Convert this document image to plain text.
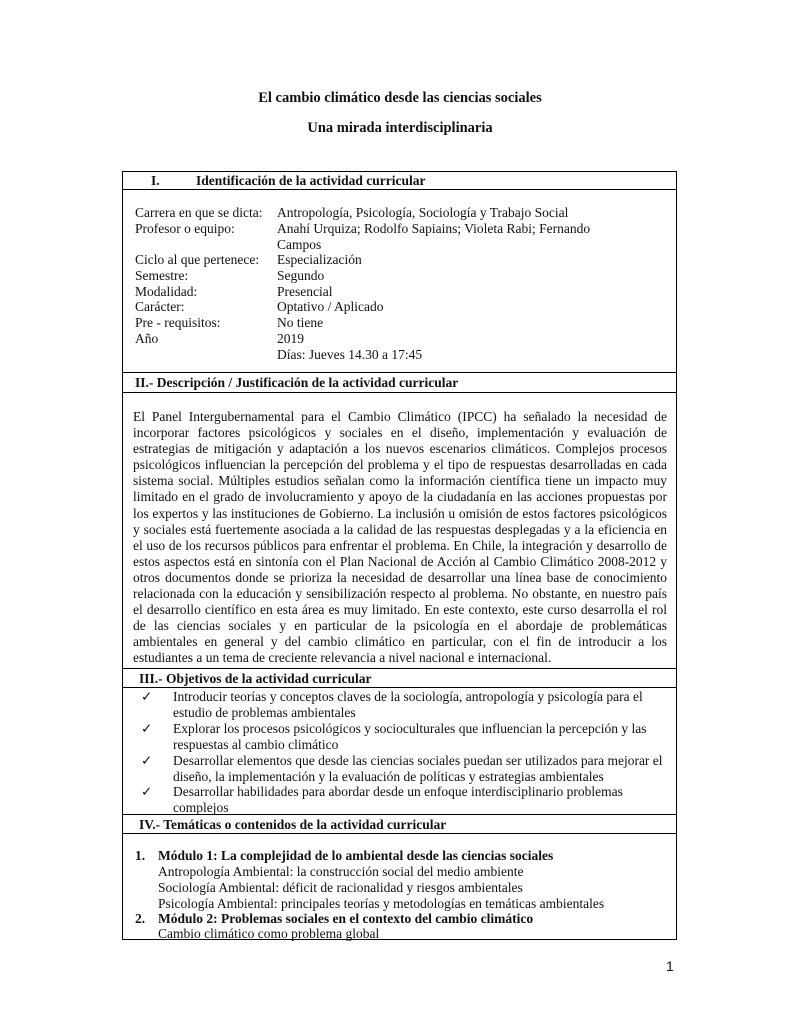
El cambio climático desde las ciencias sociales
Una mirada interdisciplinaria
I.	Identificación de la actividad curricular
Carrera en que se dicta: Antropología, Psicología, Sociología y Trabajo Social
Profesor o equipo:	Anahí Urquiza; Rodolfo Sapiains; Violeta Rabi; Fernando Campos
Ciclo al que pertenece: Especialización
Semestre:	Segundo
Modalidad:	Presencial
Carácter:	Optativo / Aplicado
Pre - requisitos:	No tiene
Año	2019
Días: Jueves 14.30 a 17:45
II.- Descripción / Justificación de la actividad curricular
El Panel Intergubernamental para el Cambio Climático (IPCC) ha señalado la necesidad de incorporar factores psicológicos y sociales en el diseño, implementación y evaluación de estrategias de mitigación y adaptación a los nuevos escenarios climáticos. Complejos procesos psicológicos influencian la percepción del problema y el tipo de respuestas desarrolladas en cada sistema social. Múltiples estudios señalan como la información científica tiene un impacto muy limitado en el grado de involucramiento y apoyo de la ciudadanía en las acciones propuestas por los expertos y las instituciones de Gobierno. La inclusión u omisión de estos factores psicológicos y sociales está fuertemente asociada a la calidad de las respuestas desplegadas y a la eficiencia en el uso de los recursos públicos para enfrentar el problema. En Chile, la integración y desarrollo de estos aspectos está en sintonía con el Plan Nacional de Acción al Cambio Climático 2008-2012 y otros documentos donde se prioriza la necesidad de desarrollar una línea base de conocimiento relacionada con la educación y sensibilización respecto al problema. No obstante, en nuestro país el desarrollo científico en esta área es muy limitado. En este contexto, este curso desarrolla el rol de las ciencias sociales y en particular de la psicología en el abordaje de problemáticas ambientales en general y del cambio climático en particular, con el fin de introducir a los estudiantes a un tema de creciente relevancia a nivel nacional e internacional.
III.- Objetivos de la actividad curricular
✓ Introducir teorías y conceptos claves de la sociología, antropología y psicología para el estudio de problemas ambientales
✓ Explorar los procesos psicológicos y socioculturales que influencian la percepción y las respuestas al cambio climático
✓ Desarrollar elementos que desde las ciencias sociales puedan ser utilizados para mejorar el diseño, la implementación y la evaluación de políticas y estrategias ambientales
✓ Desarrollar habilidades para abordar desde un enfoque interdisciplinario problemas complejos
IV.- Temáticas o contenidos de la actividad curricular
1. Módulo 1: La complejidad de lo ambiental desde las ciencias sociales
Antropología Ambiental: la construcción social del medio ambiente
Sociología Ambiental: déficit de racionalidad y riesgos ambientales
Psicología Ambiental: principales teorías y metodologías en temáticas ambientales
2. Módulo 2: Problemas sociales en el contexto del cambio climático
Cambio climático como problema global
1
